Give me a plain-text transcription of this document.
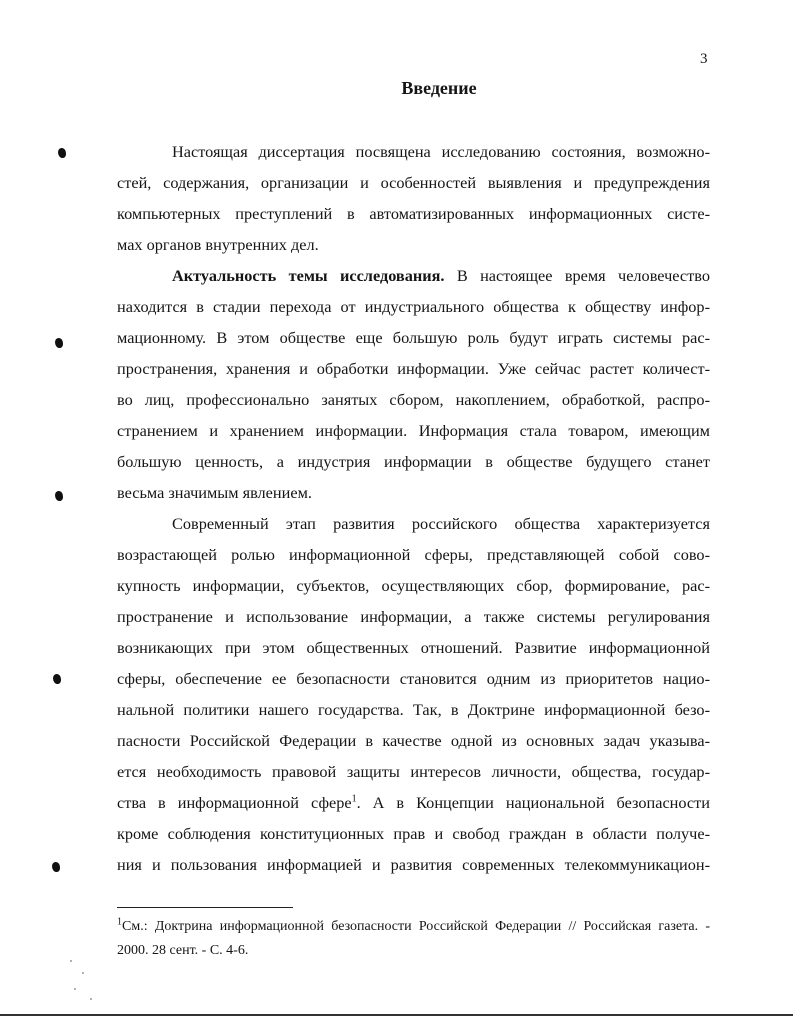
3
Введение
Настоящая диссертация посвящена исследованию состояния, возможно-
стей, содержания, организации и особенностей выявления и предупреждения
компьютерных преступлений в автоматизированных информационных систе-
мах органов внутренних дел.
Актуальность темы исследования. В настоящее время человечество
находится в стадии перехода от индустриального общества к обществу инфор-
мационному. В этом обществе еще большую роль будут играть системы рас-
пространения, хранения и обработки информации. Уже сейчас растет количест-
во лиц, профессионально занятых сбором, накоплением, обработкой, распро-
странением и хранением информации. Информация стала товаром, имеющим
большую ценность, а индустрия информации в обществе будущего станет
весьма значимым явлением.
Современный этап развития российского общества характеризуется
возрастающей ролью информационной сферы, представляющей собой сово-
купность информации, субъектов, осуществляющих сбор, формирование, рас-
пространение и использование информации, а также системы регулирования
возникающих при этом общественных отношений. Развитие информационной
сферы, обеспечение ее безопасности становится одним из приоритетов нацио-
нальной политики нашего государства. Так, в Доктрине информационной безо-
пасности Российской Федерации в качестве одной из основных задач указыва-
ется необходимость правовой защиты интересов личности, общества, государ-
ства в информационной сфере$^1$. А в Концепции национальной безопасности
кроме соблюдения конституционных прав и свобод граждан в области получе-
ния и пользования информацией и развития современных телекоммуникацион-
$^1$См.: Доктрина информационной безопасности Российской Федерации // Российская газета. -
2000. 28 сент. - С. 4-6.
